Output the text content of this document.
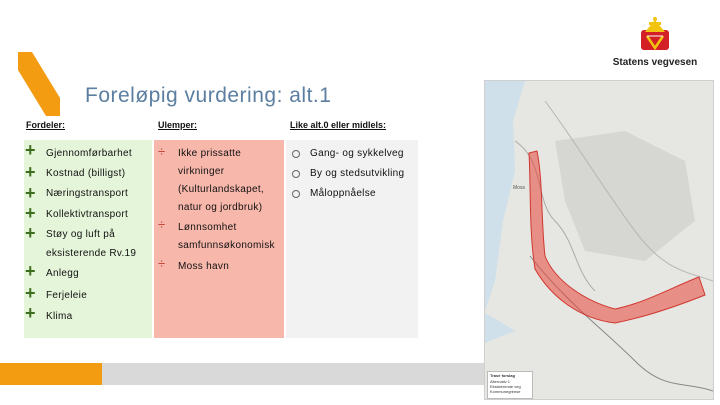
Foreløpig vurdering: alt.1
Statens vegvesen
Fordeler:	Ulemper:	Like alt.0 eller midlels:
+ Gjennomførbarhet
+ Kostnad (billigst)
+ Næringstransport
+ Kollektivtransport
+ Støy og luft på
eksisterende Rv.19
+ Anlegg
+ Ferjeleie
+ Klima
÷ Ikke prissatte
virkninger
(Kulturlandskapet,
natur og jordbruk)
÷ Lønnsomhet
samfunnsøkonomisk
÷ Moss havn
Gang- og sykkelveg
By og stedsutvikling
Måloppnåelse	Moss
Trasé forslag
Alternativ 1
Eksisterende veg
Kommunegrense
